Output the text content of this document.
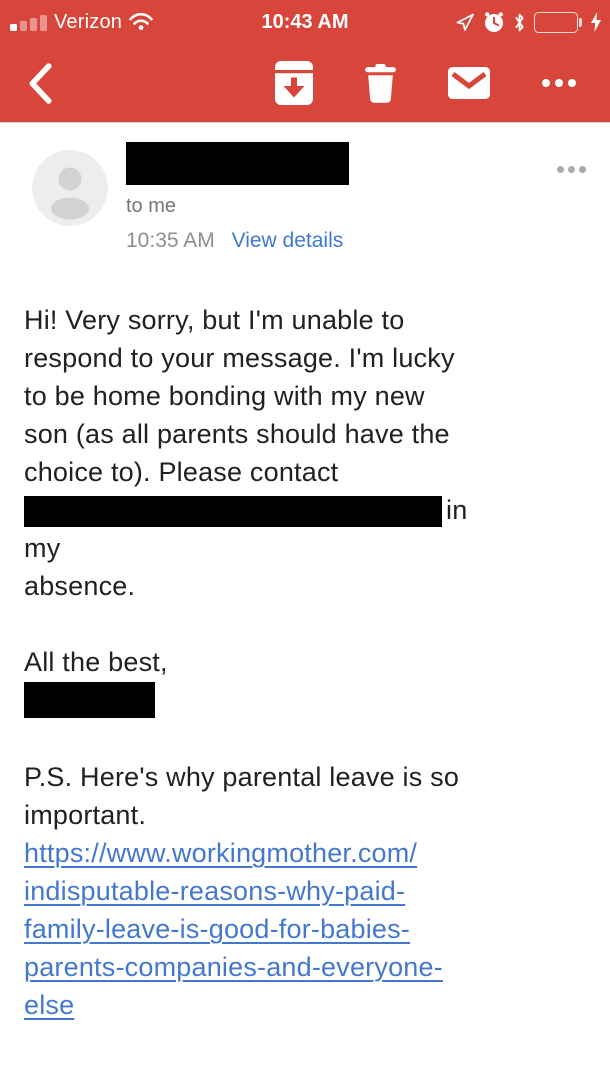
Verizon	10:43 AM
to me
10:35 AM View details
Hi! Very sorry, but I'm unable to
respond to your message. I'm lucky
to be home bonding with my new
son (as all parents should have the
choice to). Please contact
in
my
absence.
All the best,
P.S. Here's why parental leave is so
important.
https://www.workingmother.com/
indisputable-reasons-why-paid-
family-leave-is-good-for-babies-
parents-companies-and-everyone-
else
